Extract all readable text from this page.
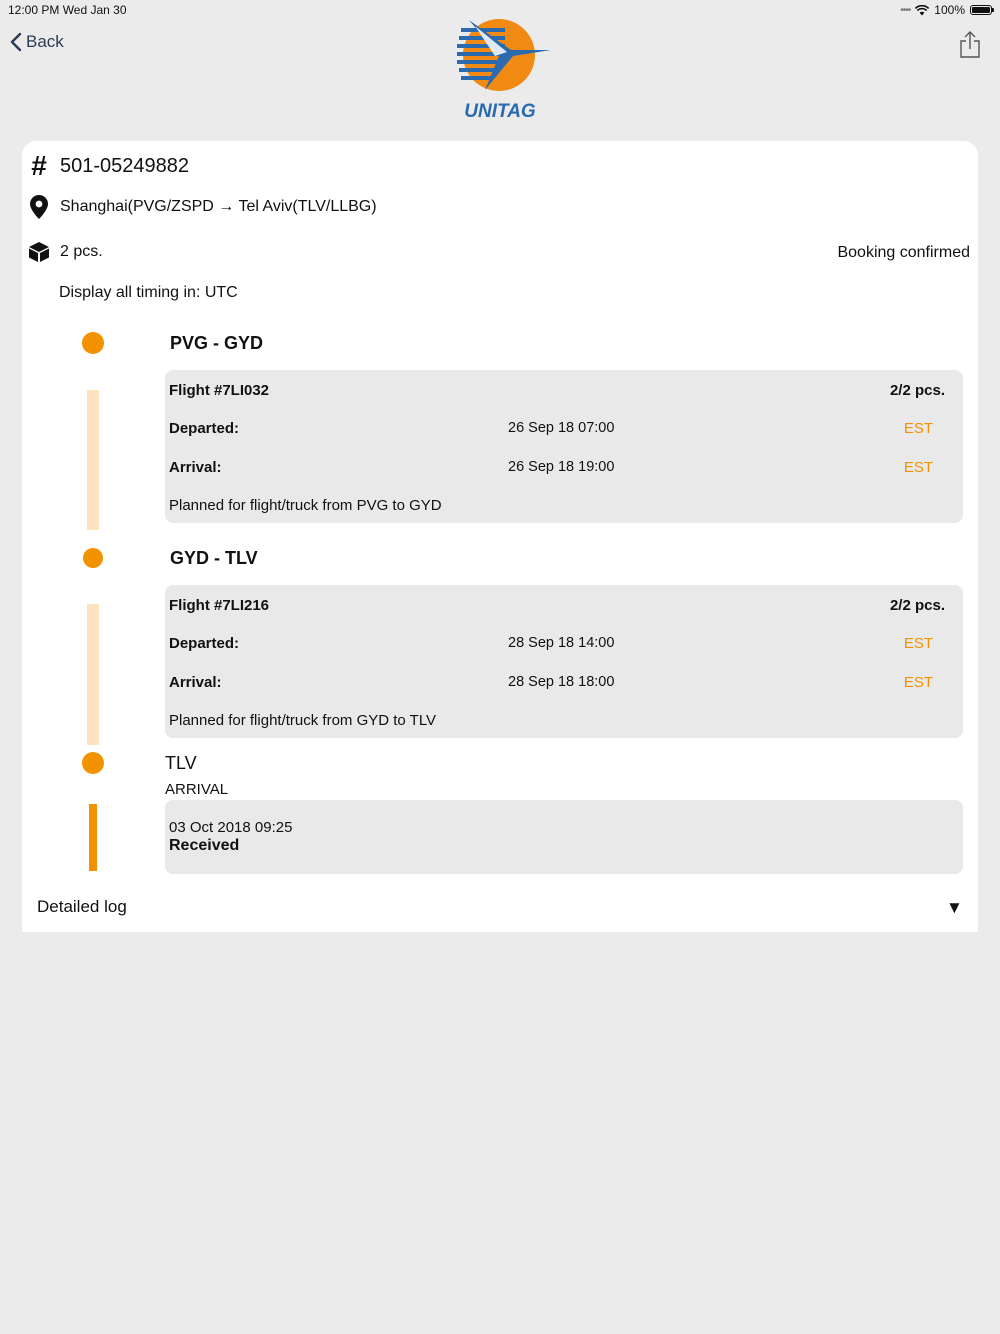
12:00 PM Wed Jan 30	•••• 100%
Back
UNITAG
# 501-05249882
Shanghai(PVG/ZSPD → Tel Aviv(TLV/LLBG)
2 pcs.	Booking confirmed
Display all timing in: UTC
PVG - GYD
Flight #7LI032	2/2 pcs.
Departed:	26 Sep 18 07:00	EST
Arrival:	26 Sep 18 19:00	EST
Planned for flight/truck from PVG to GYD
GYD - TLV
Flight #7LI216	2/2 pcs.
Departed:	28 Sep 18 14:00	EST
Arrival:	28 Sep 18 18:00	EST
Planned for flight/truck from GYD to TLV
TLV
ARRIVAL
03 Oct 2018 09:25
Received
Detailed log	▼
